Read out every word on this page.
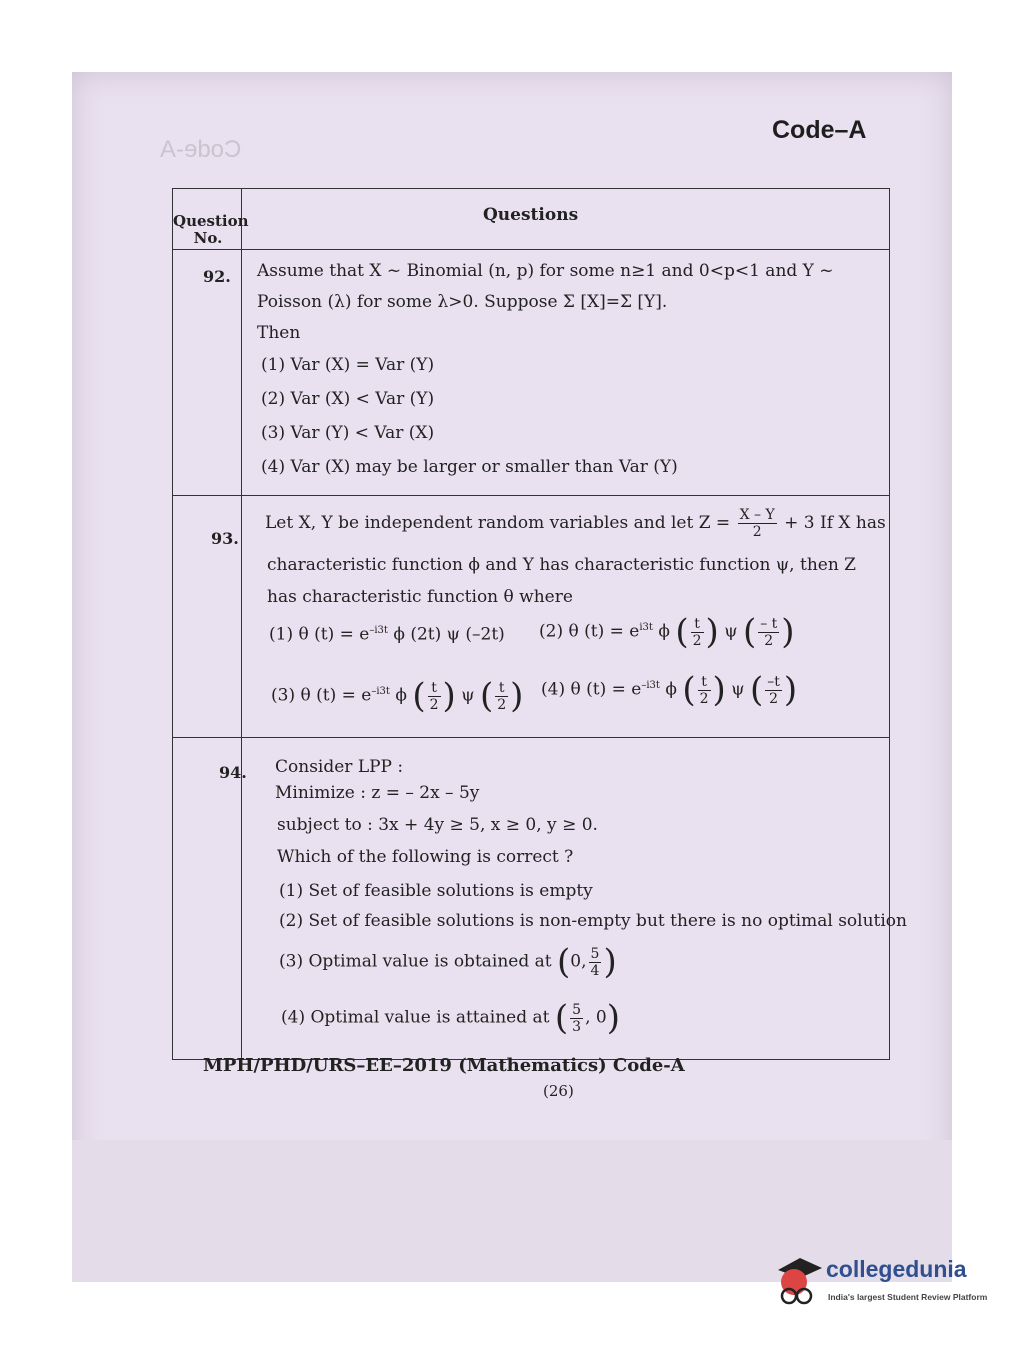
Code-A
Code–A
Question
No.
Questions
92. Assume that X ~ Binomial (n, p) for some n≥1 and 0<p<1 and Y ~
Poisson (λ) for some λ>0. Suppose Σ [X]=Σ [Y].
Then
(1) Var (X) = Var (Y)
(2) Var (X) < Var (Y)
(3) Var (Y) < Var (X)
(4) Var (X) may be larger or smaller than Var (Y)
93.
Let X, Y be independent random variables and let $Z = \frac{X - Y}{2} + 3$ If X has
characteristic function ϕ and Y has characteristic function ψ, then Z
has characteristic function θ where
(1) θ $(t) = e^{-i3t}$ ϕ (2t) ψ (–2t) (2) θ $(t) = e^{i3t}$ ϕ ( $\frac{t}{2}$ ) ψ ( $\frac{- t}{2}$ )
(3) θ $(t) = e^{-i3t}$ ϕ ( $\frac{t}{2}$ ) ψ ( $\frac{t}{2}$ ) (4) θ $(t) = e^{-i3t}$ ϕ ( $\frac{t}{2}$ ) ψ ( $\frac{-t}{2}$ )
94. Consider LPP :
Minimize : z = – 2x – 5y
subject to : 3x + 4y ≥ 5, x ≥ 0, y ≥ 0.
Which of the following is correct ?
(1) Set of feasible solutions is empty
(2) Set of feasible solutions is non-empty but there is no optimal solution
(3) Optimal value is obtained at (0, $\frac{5}{4}$ )
(4) Optimal value is attained at ( $\frac{5}{3}$ , 0)
MPH/PHD/URS–EE–2019 (Mathematics) Code-A
(26)
collegedunia
India's largest Student Review Platform
